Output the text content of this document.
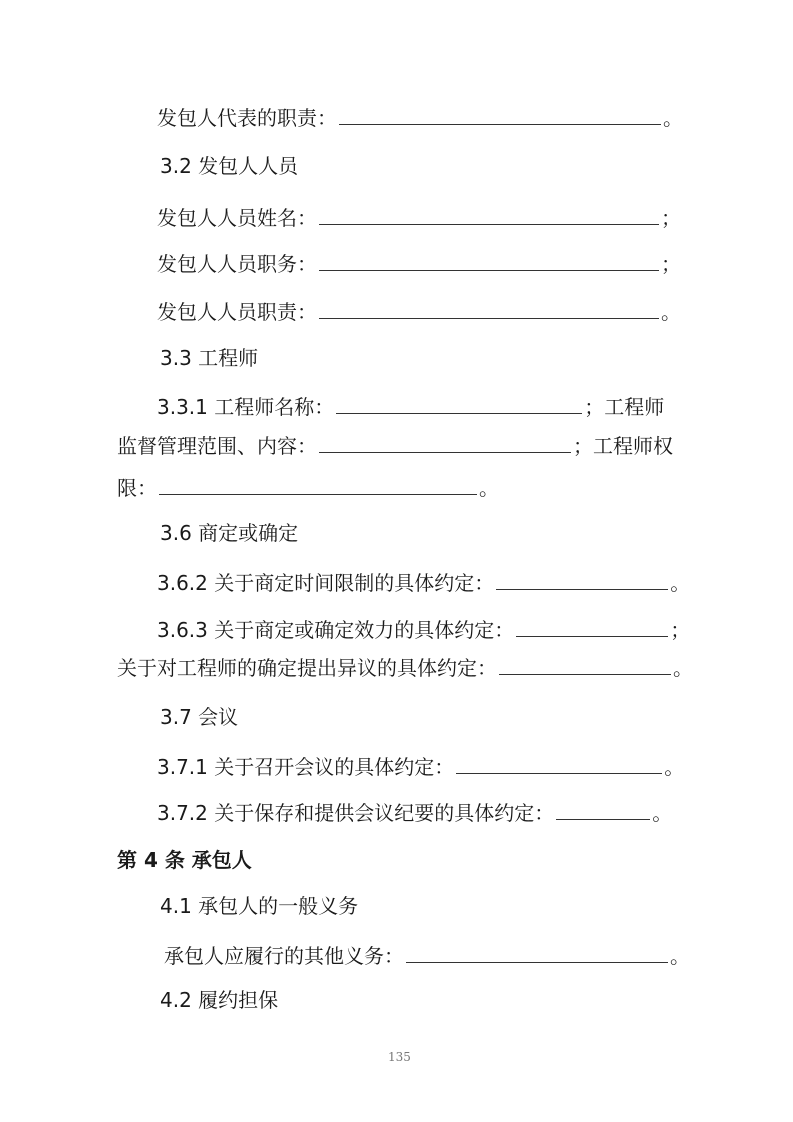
发包人代表的职责：	。
3.2 发包人人员
发包人人员姓名：	；
发包人人员职务：	；
发包人人员职责：	。
3.3 工程师
3.3.1 工程师名称：	；工程师
监督管理范围、内容：	；工程师权
限：	。
3.6 商定或确定
3.6.2 关于商定时间限制的具体约定：	。
3.6.3 关于商定或确定效力的具体约定：	；
关于对工程师的确定提出异议的具体约定：	。
3.7 会议
3.7.1 关于召开会议的具体约定：	。
3.7.2 关于保存和提供会议纪要的具体约定：	。
第 4 条 承包人
4.1 承包人的一般义务
承包人应履行的其他义务：	。
4.2 履约担保
135
